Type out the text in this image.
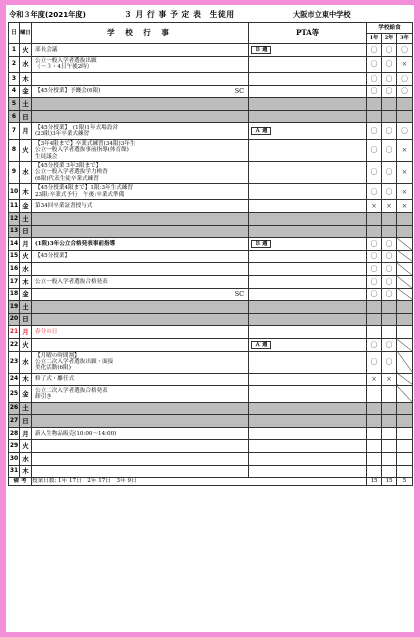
令和３年度(2021年度)	３ 月 行 事 予 定 表　生徒用	大阪市立東中学校
日	曜日	学 校 行 事	PTA等	学校給食		
				1年	2年	3年
1	火	部長会議	Ｂ 週	〇	〇	〇
2	水	公立一般入学者選抜出願
（～３・4日午後2時）		〇	〇	×
3	木			〇	〇	〇
4	金	【45分授業】予餞会(6限) SC		〇	〇	〇
5	土					
6	日					
7	月	【45分授業】　(1限)1年式場設営
(23限)3年卒業式練習	Ａ 週	〇	〇	〇
8	火	【3年4限まで】卒業式練習(34限)3年生
公立一般入学者選抜事前指導(体育館)
生徒議会		〇	〇	×
9	水	【45分授業 3年3限まで】
公立一般入学者選抜学力検査
(6限)代表生徒卒業式練習		〇	〇	×
10	木	【45分授業4限まで】1限:3年生式練習
23限:卒業式予行　午後:卒業式準備		〇	〇	×
11	金	第34回卒業証書授与式		×	×	×
12	土					
13	日					
14	月	(1限)3年公立合格発表事前指導	Ｂ 週	〇	〇	
15	火	【45分授業】		〇	〇	
16	水			〇	〇	
17	木	公立一般入学者選抜合格発表		〇	〇	
18	金	SC		〇	〇	
19	土					
20	日					
21	月	春分の日				

22	火		Ａ 週	〇	〇	
23	水	【月曜の時間割】
公立二次入学者選抜出願・面接
美化活動(6限)		〇	〇	
24	木	修了式・離任式		×	×	
25	金	公立二次入学者選抜合格発表
卸引き				

26	土					
27	日					
28	月	新入生物品販売(10:00～14:00)				

29	火					
30	水					
31	木					
備 考		授業日数: 1年 17日　2年 17日　3年 9日		15	15	5
